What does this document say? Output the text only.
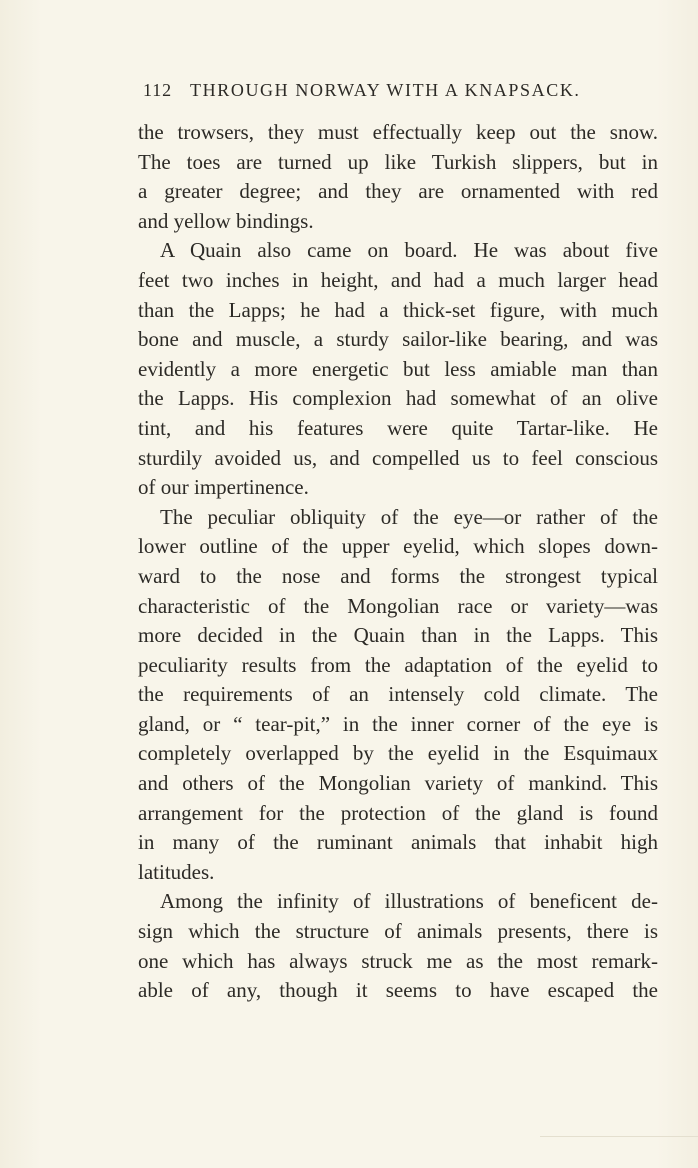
112 THROUGH NORWAY WITH A KNAPSACK.
the trowsers, they must effectually keep out the snow.
The toes are turned up like Turkish slippers, but in
a greater degree; and they are ornamented with red
and yellow bindings.
A Quain also came on board. He was about five
feet two inches in height, and had a much larger head
than the Lapps; he had a thick-set figure, with much
bone and muscle, a sturdy sailor-like bearing, and was
evidently a more energetic but less amiable man than
the Lapps. His complexion had somewhat of an olive
tint, and his features were quite Tartar-like. He
sturdily avoided us, and compelled us to feel conscious
of our impertinence.
The peculiar obliquity of the eye—or rather of the
lower outline of the upper eyelid, which slopes down-
ward to the nose and forms the strongest typical
characteristic of the Mongolian race or variety—was
more decided in the Quain than in the Lapps. This
peculiarity results from the adaptation of the eyelid to
the requirements of an intensely cold climate. The
gland, or “ tear-pit,” in the inner corner of the eye is
completely overlapped by the eyelid in the Esquimaux
and others of the Mongolian variety of mankind. This
arrangement for the protection of the gland is found
in many of the ruminant animals that inhabit high
latitudes.
Among the infinity of illustrations of beneficent de-
sign which the structure of animals presents, there is
one which has always struck me as the most remark-
able of any, though it seems to have escaped the
